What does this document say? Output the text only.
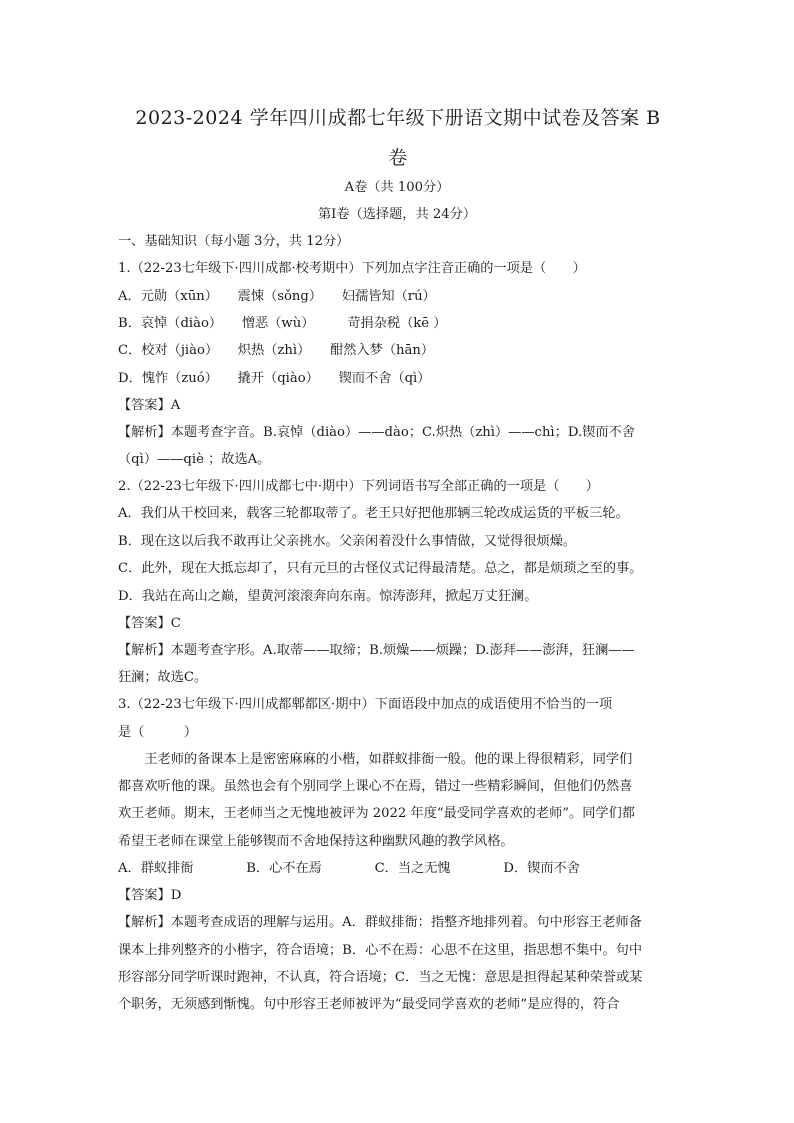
2023-2024 学年四川成都七年级下册语文期中试卷及答案 B
卷
A卷（共 100分）
第Ⅰ卷（选择题，共 24分）
一、基础知识（每小题 3分，共 12分）
1.（22-23七年级下·四川成都·校考期中）下列加点字注音正确的一项是（　　）
A．元勋（xūn）　　震悚（sǒng）　　妇孺皆知（rú）
B．哀悼（diào）　　憎恶（wù）　　　苛捐杂税（kē ）
C．校对（jiào）　　炽热（zhì）　　酣然入梦（hān）
D．愧怍（zuó）　　撬开（qiào）　　锲而不舍（qì）
【答案】A
【解析】本题考查字音。B.哀悼（diào）——dào；C.炽热（zhì）——chì；D.锲而不舍
（qì）——qiè ；故选A。
2.（22-23七年级下·四川成都七中·期中）下列词语书写全部正确的一项是（　　）
A．我们从干校回来，载客三轮都取蒂了。老王只好把他那辆三轮改成运货的平板三轮。
B．现在这以后我不敢再让父亲挑水。父亲闲着没什么事情做，又觉得很烦燥。
C．此外，现在大抵忘却了，只有元旦的古怪仪式记得最清楚。总之，都是烦琐之至的事。
D．我站在高山之巅，望黄河滚滚奔向东南。惊涛澎拜，掀起万丈狂澜。
【答案】C
【解析】本题考查字形。A.取蒂——取缔；B.烦燥——烦躁；D.澎拜——澎湃，狂澜——
狂澜；故选C。
3.（22-23七年级下·四川成都郫都区·期中）下面语段中加点的成语使用不恰当的一项
是（　　　）
　　王老师的备课本上是密密麻麻的小楷，如群蚁排衙一般。他的课上得很精彩，同学们
都喜欢听他的课。虽然也会有个别同学上课心不在焉，错过一些精彩瞬间，但他们仍然喜
欢王老师。期末，王老师当之无愧地被评为 2022 年度“最受同学喜欢的老师”。同学们都
希望王老师在课堂上能够锲而不舍地保持这种幽默风趣的教学风格。
A．群蚁排衙　　　　B．心不在焉　　　　C．当之无愧　　　　D．锲而不舍
【答案】D
【解析】本题考查成语的理解与运用。A．群蚁排衙：指整齐地排列着。句中形容王老师备
课本上排列整齐的小楷字，符合语境；B．心不在焉：心思不在这里，指思想不集中。句中
形容部分同学听课时跑神，不认真，符合语境；C．当之无愧：意思是担得起某种荣誉或某
个职务，无须感到惭愧。句中形容王老师被评为“最受同学喜欢的老师”是应得的，符合
